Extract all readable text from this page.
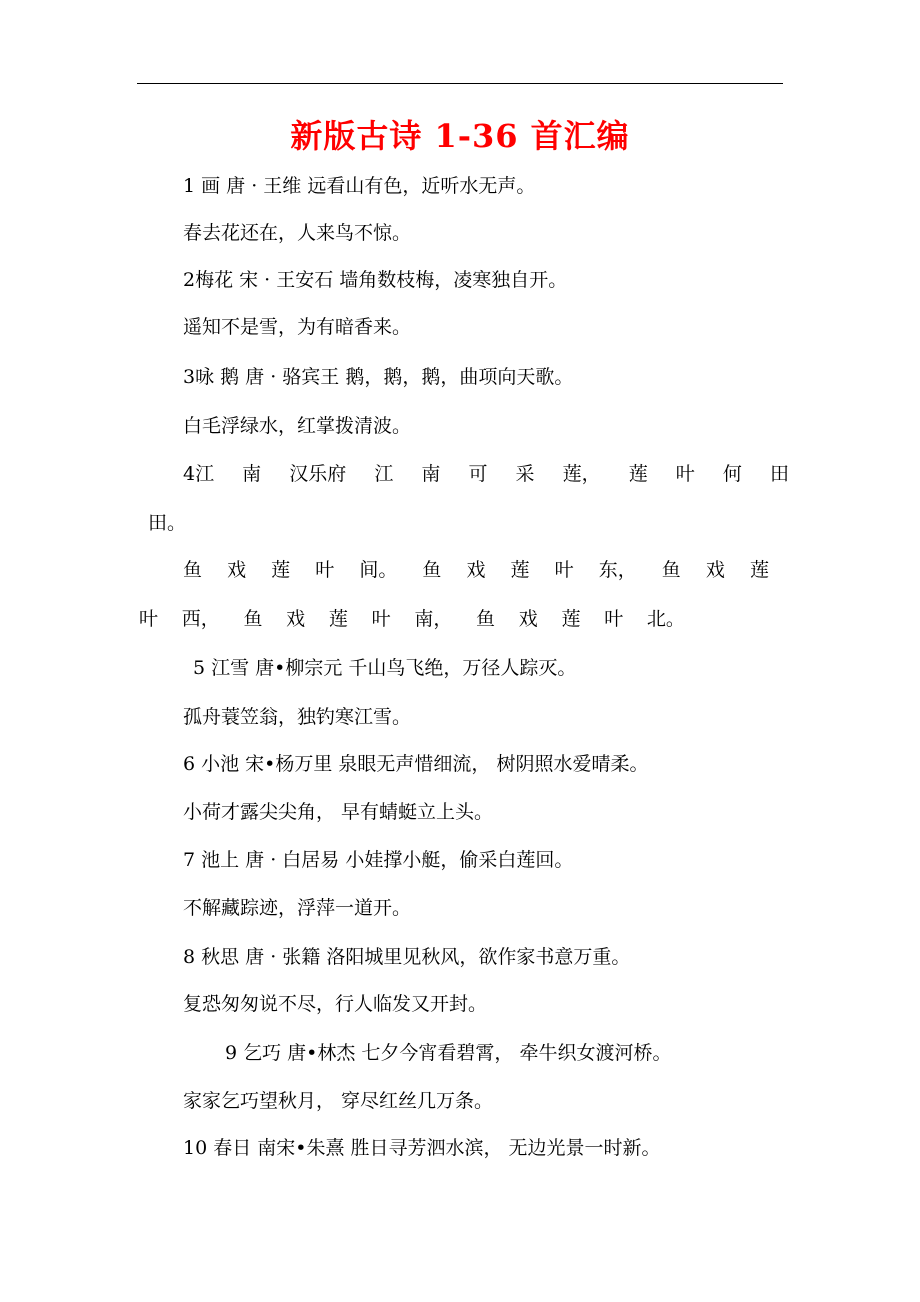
新版古诗 1-36 首汇编
1 画 唐 · 王维 远看山有色，近听水无声。
春去花还在，人来鸟不惊。
2梅花 宋 · 王安石 墙角数枝梅，凌寒独自开。
遥知不是雪，为有暗香来。
3咏 鹅 唐 · 骆宾王 鹅，鹅，鹅，曲项向天歌。
白毛浮绿水，红掌拨清波。
4江 南 汉乐府 江 南 可 采 莲， 莲 叶 何 田
田。
鱼 戏 莲 叶 间。 鱼 戏 莲 叶 东， 鱼 戏 莲
叶 西， 鱼 戏 莲 叶 南， 鱼 戏 莲 叶 北。
5 江雪 唐•柳宗元 千山鸟飞绝，万径人踪灭。
孤舟蓑笠翁，独钓寒江雪。
6 小池 宋•杨万里 泉眼无声惜细流， 树阴照水爱晴柔。
小荷才露尖尖角， 早有蜻蜓立上头。
7 池上 唐 · 白居易 小娃撑小艇，偷采白莲回。
不解藏踪迹，浮萍一道开。
8 秋思 唐 · 张籍 洛阳城里见秋风，欲作家书意万重。
复恐匆匆说不尽，行人临发又开封。
9 乞巧 唐•林杰 七夕今宵看碧霄， 牵牛织女渡河桥。
家家乞巧望秋月， 穿尽红丝几万条。
10 春日 南宋•朱熹 胜日寻芳泗水滨， 无边光景一时新。
